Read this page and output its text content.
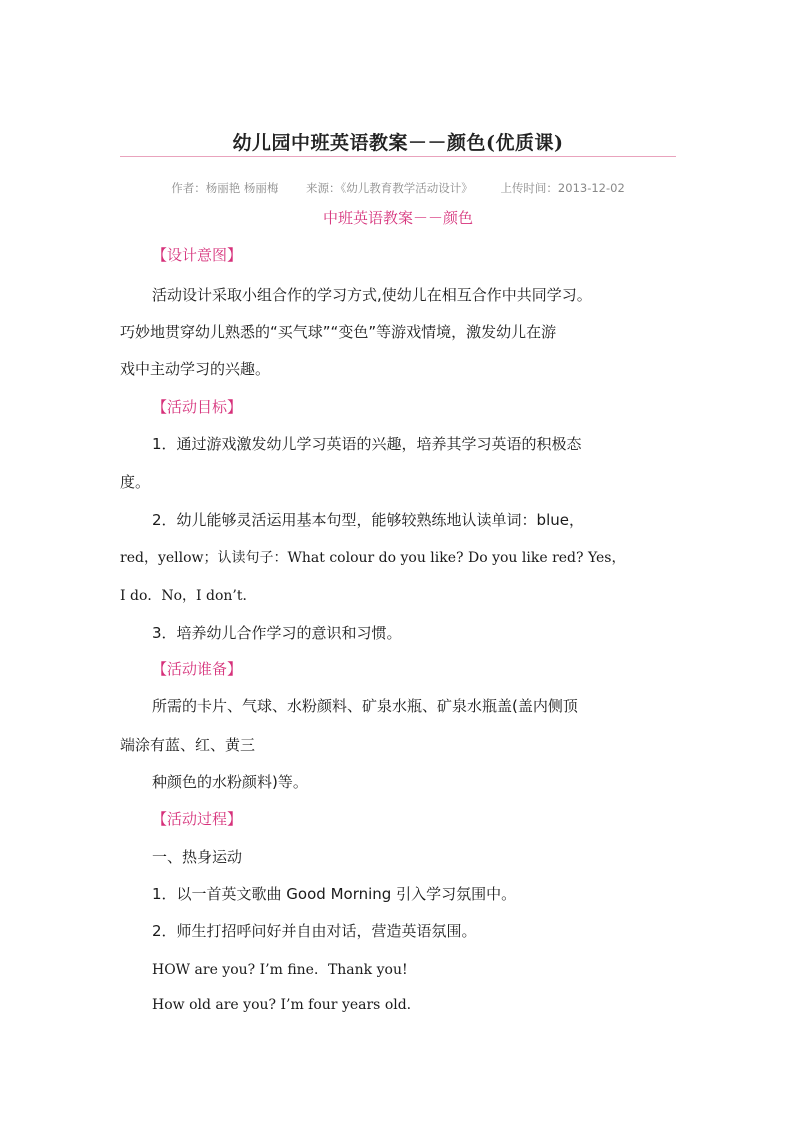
幼儿园中班英语教案－－颜色(优质课)
作者：杨丽艳 杨丽梅 来源：《幼儿教育教学活动设计》 上传时间：2013-12-02
中班英语教案－－颜色
【设计意图】
活动设计采取小组合作的学习方式,使幼儿在相互合作中共同学习。
巧妙地贯穿幼儿熟悉的“买气球”“变色”等游戏情境，激发幼儿在游
戏中主动学习的兴趣。
【活动目标】
1．通过游戏激发幼儿学习英语的兴趣，培养其学习英语的积极态
度。
2．幼儿能够灵活运用基本句型，能够较熟练地认读单词：blue，
red，yellow；认读句子：What colour do you like? Do you like red? Yes，
I do．No，I don’t．
3．培养幼儿合作学习的意识和习惯。
【活动谁备】
所需的卡片、气球、水粉颜料、矿泉水瓶、矿泉水瓶盖(盖内侧顶
端涂有蓝、红、黄三
种颜色的水粉颜料)等。
【活动过程】
一、热身运动
1．以一首英文歌曲 Good Morning 引入学习氛围中。
2．师生打招呼问好并自由对话，营造英语氛围。
HOW are you? I’m fine．Thank you!
How old are you? I’m four years old.
